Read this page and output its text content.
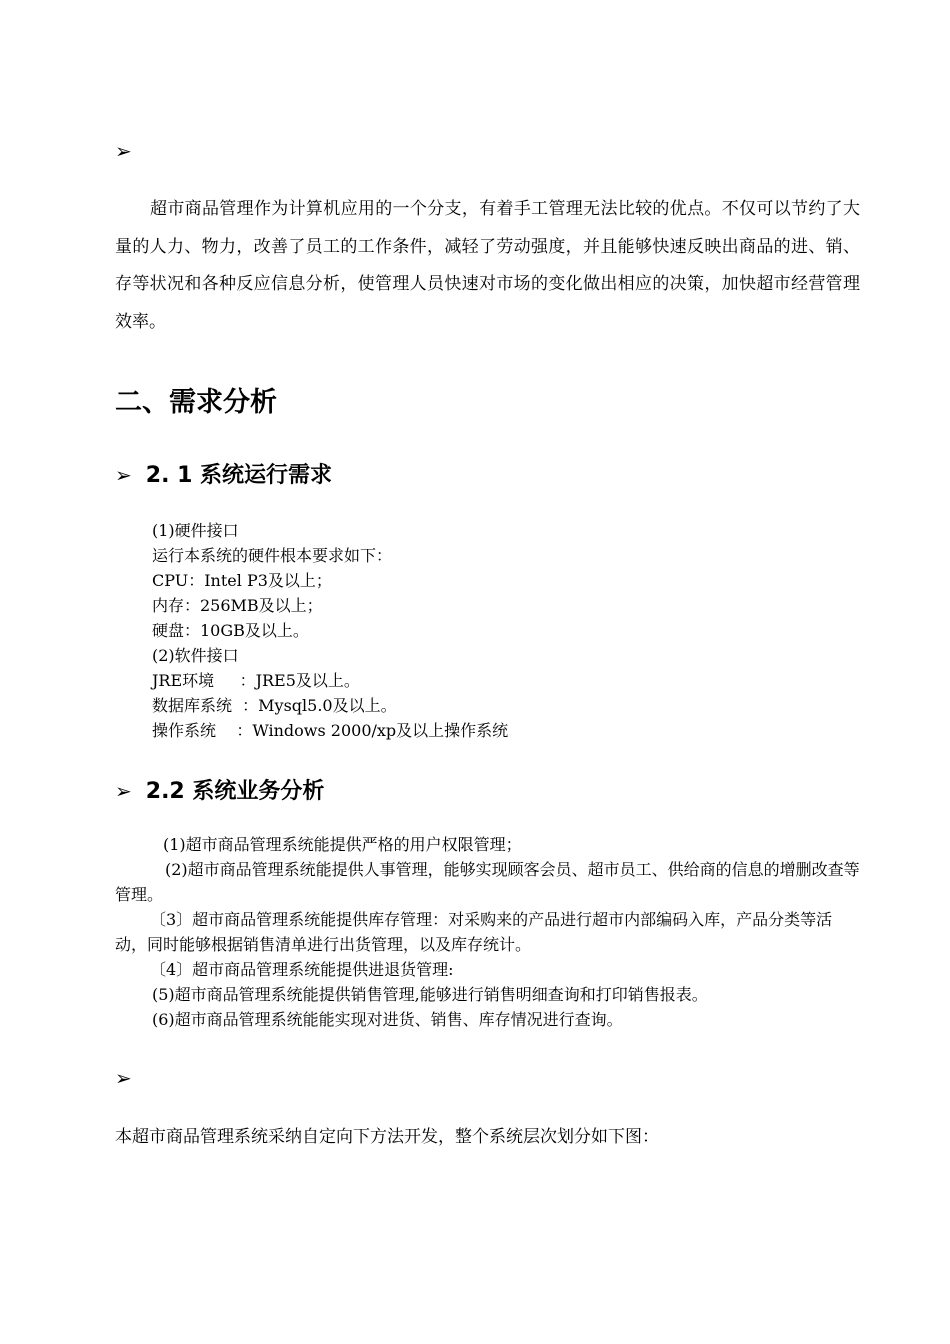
➢

超市商品管理作为计算机应用的一个分支，有着手工管理无法比较的优点。不仅可以节约了大量的人力、物力，改善了员工的工作条件，减轻了劳动强度，并且能够快速反映出商品的进、销、存等状况和各种反应信息分析，使管理人员快速对市场的变化做出相应的决策，加快超市经营管理效率。

二、需求分析
➢ 2. 1 系统运行需求
(1)硬件接口
运行本系统的硬件根本要求如下：
CPU：Intel P3及以上；
内存：256MB及以上；
硬盘：10GB及以上。
(2)软件接口
JRE环境     ：JRE5及以上。
数据库系统  ：Mysql5.0及以上。
操作系统    ：Windows 2000/xp及以上操作系统
➢ 2.2 系统业务分析

(1)超市商品管理系统能提供严格的用户权限管理；

(2)超市商品管理系统能提供人事管理，能够实现顾客会员、超市员工、供给商的信息的增删改查等管理。

〔3〕超市商品管理系统能提供库存管理：对采购来的产品进行超市内部编码入库，产品分类等活动，同时能够根据销售清单进行出货管理，以及库存统计。

〔4〕超市商品管理系统能提供进退货管理:

(5)超市商品管理系统能提供销售管理,能够进行销售明细查询和打印销售报表。

(6)超市商品管理系统能能实现对进货、销售、库存情况进行查询。

➢
本超市商品管理系统采纳自定向下方法开发，整个系统层次划分如下图：
